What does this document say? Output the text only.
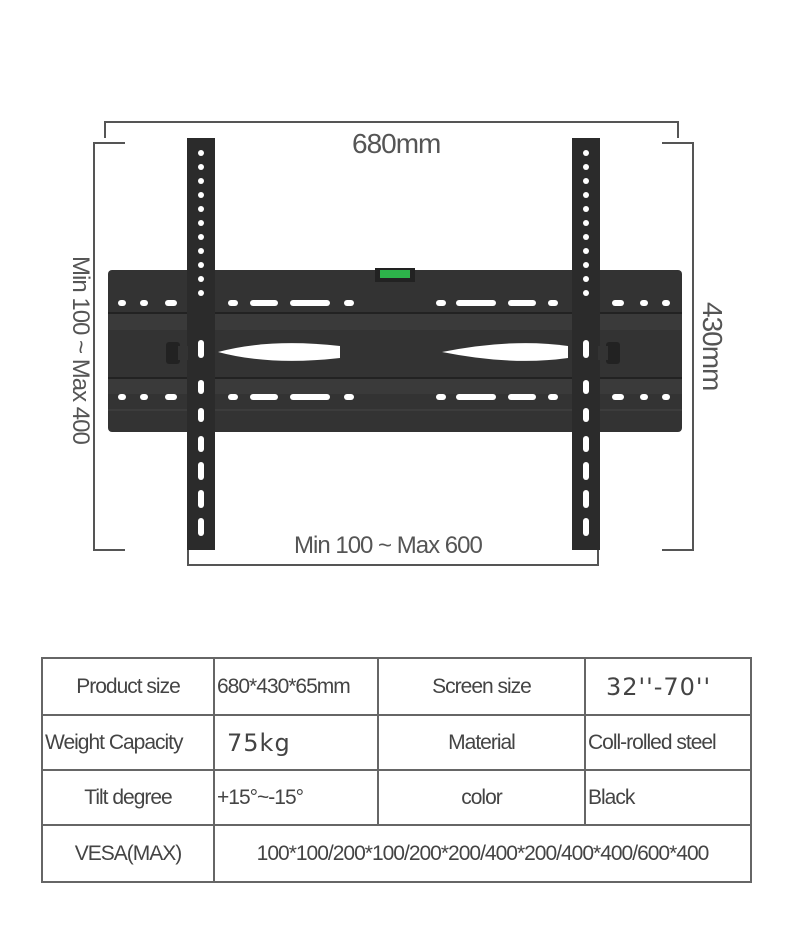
680mm
430mm
Min 100 ~ Max 600
Min 100 ~ Max 400
Product size	680*430*65mm	Screen size	32''-70''
Weight Capacity	75kg	Material	Coll-rolled steel
Tilt degree	+15°~-15°	color	Black
VESA(MAX)	100*100/200*100/200*200/400*200/400*400/600*400		
